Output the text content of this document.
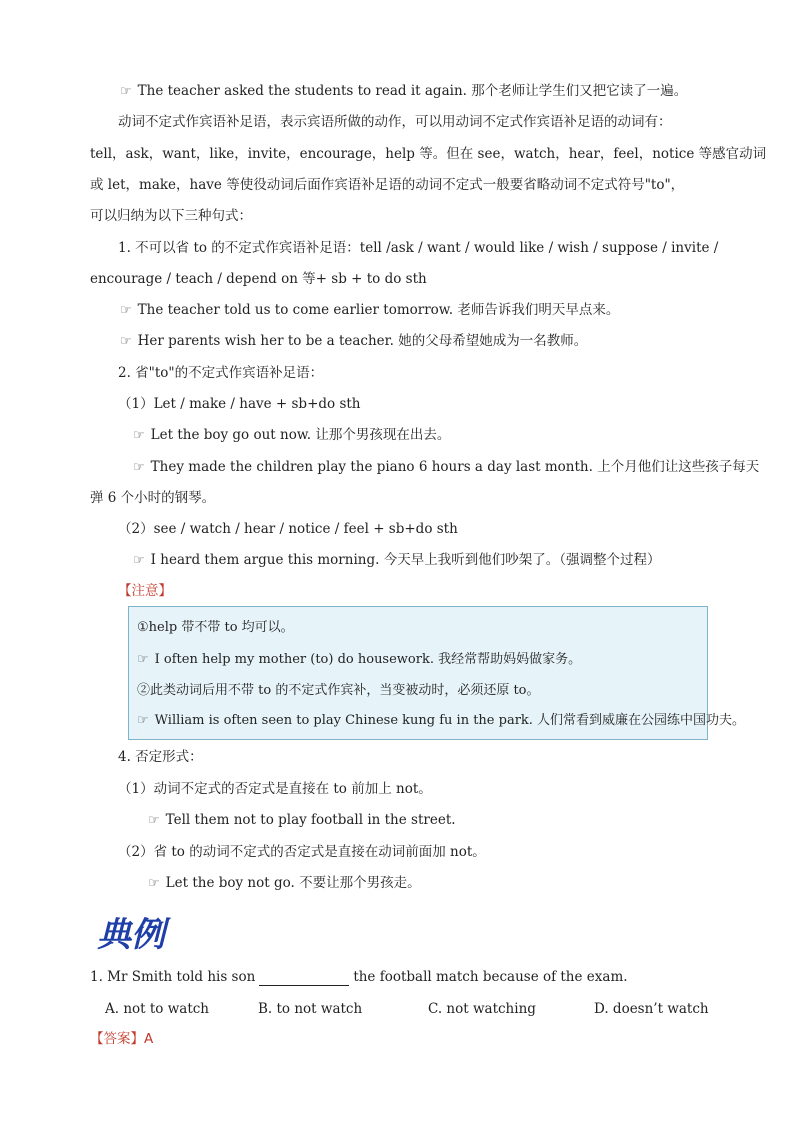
☞ The teacher asked the students to read it again. 那个老师让学生们又把它读了一遍。
动词不定式作宾语补足语，表示宾语所做的动作，可以用动词不定式作宾语补足语的动词有：
tell，ask，want，like，invite，encourage，help 等。但在 see，watch，hear，feel，notice 等感官动词
或 let，make，have 等使役动词后面作宾语补足语的动词不定式一般要省略动词不定式符号"to"，
可以归纳为以下三种句式：
1. 不可以省 to 的不定式作宾语补足语：tell /ask / want / would like / wish / suppose / invite /
encourage / teach / depend on 等+ sb + to do sth
☞ The teacher told us to come earlier tomorrow. 老师告诉我们明天早点来。
☞ Her parents wish her to be a teacher. 她的父母希望她成为一名教师。
2. 省"to"的不定式作宾语补足语：
（1）Let / make / have + sb+do sth
☞ Let the boy go out now. 让那个男孩现在出去。
☞ They made the children play the piano 6 hours a day last month. 上个月他们让这些孩子每天
弹 6 个小时的钢琴。
（2）see / watch / hear / notice / feel + sb+do sth
☞ I heard them argue this morning. 今天早上我听到他们吵架了。（强调整个过程）
【注意】
①help 带不带 to 均可以。
☞ I often help my mother (to) do housework. 我经常帮助妈妈做家务。
②此类动词后用不带 to 的不定式作宾补，当变被动时，必须还原 to。
☞ William is often seen to play Chinese kung fu in the park. 人们常看到威廉在公园练中国功夫。
4. 否定形式：
（1）动词不定式的否定式是直接在 to 前加上 not。
☞ Tell them not to play football in the street.
（2）省 to 的动词不定式的否定式是直接在动词前面加 not。
☞ Let the boy not go. 不要让那个男孩走。
典例
1. Mr Smith told his son	the football match because of the exam.
A. not to watch	B. to not watch	C. not watching	D. doesn’t watch
【答案】A
